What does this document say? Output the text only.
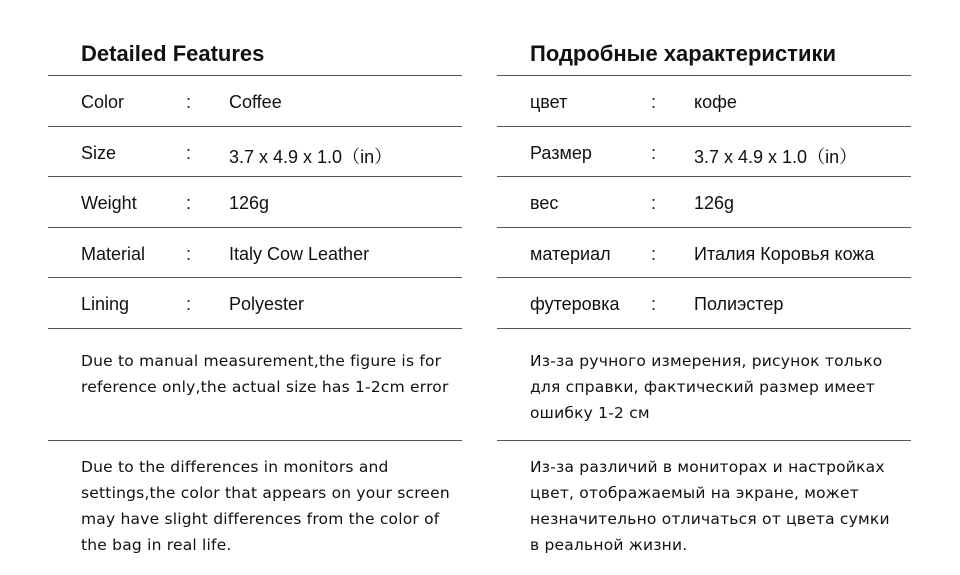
Detailed Features
Color	: Coffee
Size	: 3.7 x 4.9 x 1.0（in）
Weight	: 126g
Material : Italy Cow Leather
Lining	: Polyester
Due to manual measurement,the figure is for reference only,the actual size has 1-2cm error
Due to the differences in monitors and settings,the color that appears on your screen may have slight differences from the color of the bag in real life.
Подробные характеристики
цвет	: кофе
Размер	: 3.7 x 4.9 x 1.0（in）
вес	: 126g
материал : Италия Коровья кожа
футеровка : Полиэстер
Из-за ручного измерения, рисунок только для справки, фактический размер имеет ошибку 1-2 см
Из-за различий в мониторах и настройках цвет, отображаемый на экране, может незначительно отличаться от цвета сумки в реальной жизни.
